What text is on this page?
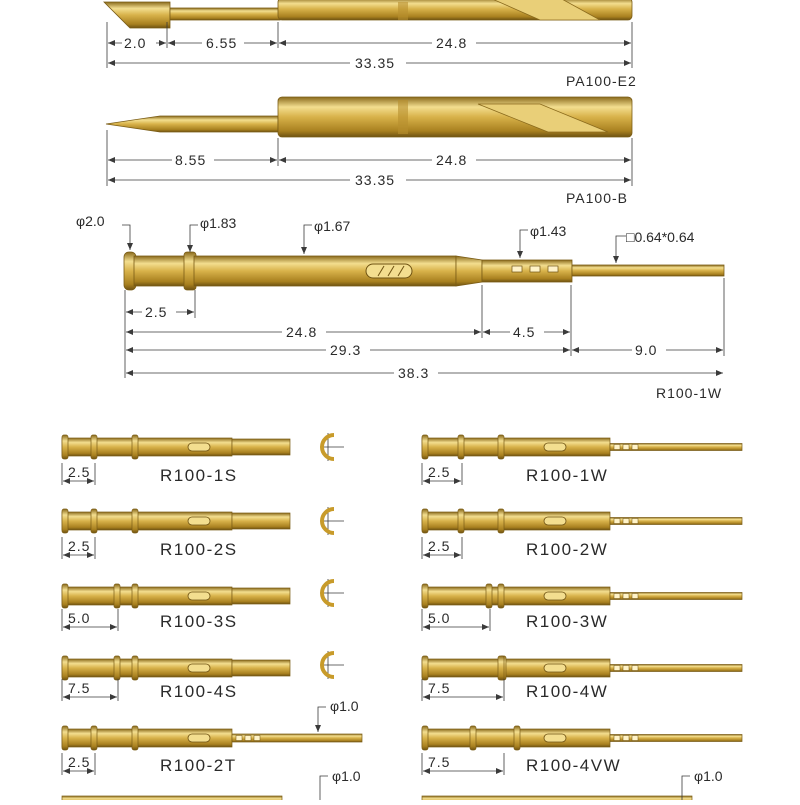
2.0	6.55	24.8
33.35
PA100-E2
8.55	24.8
33.35
PA100-B
φ2.0	φ1.83	φ1.67	φ1.43	□0.64*0.64
2.5
24.8	4.5
29.3	9.0
38.3
R100-1W
2.5	R100-1S
2.5	R100-2S
5.0	R100-3S
7.5	R100-4S
2.5	R100-2T
φ1.0
2.5	R100-1W
2.5	R100-2W
5.0	R100-3W
7.5	R100-4W
7.5	R100-4VW
φ1.0	φ1.0
